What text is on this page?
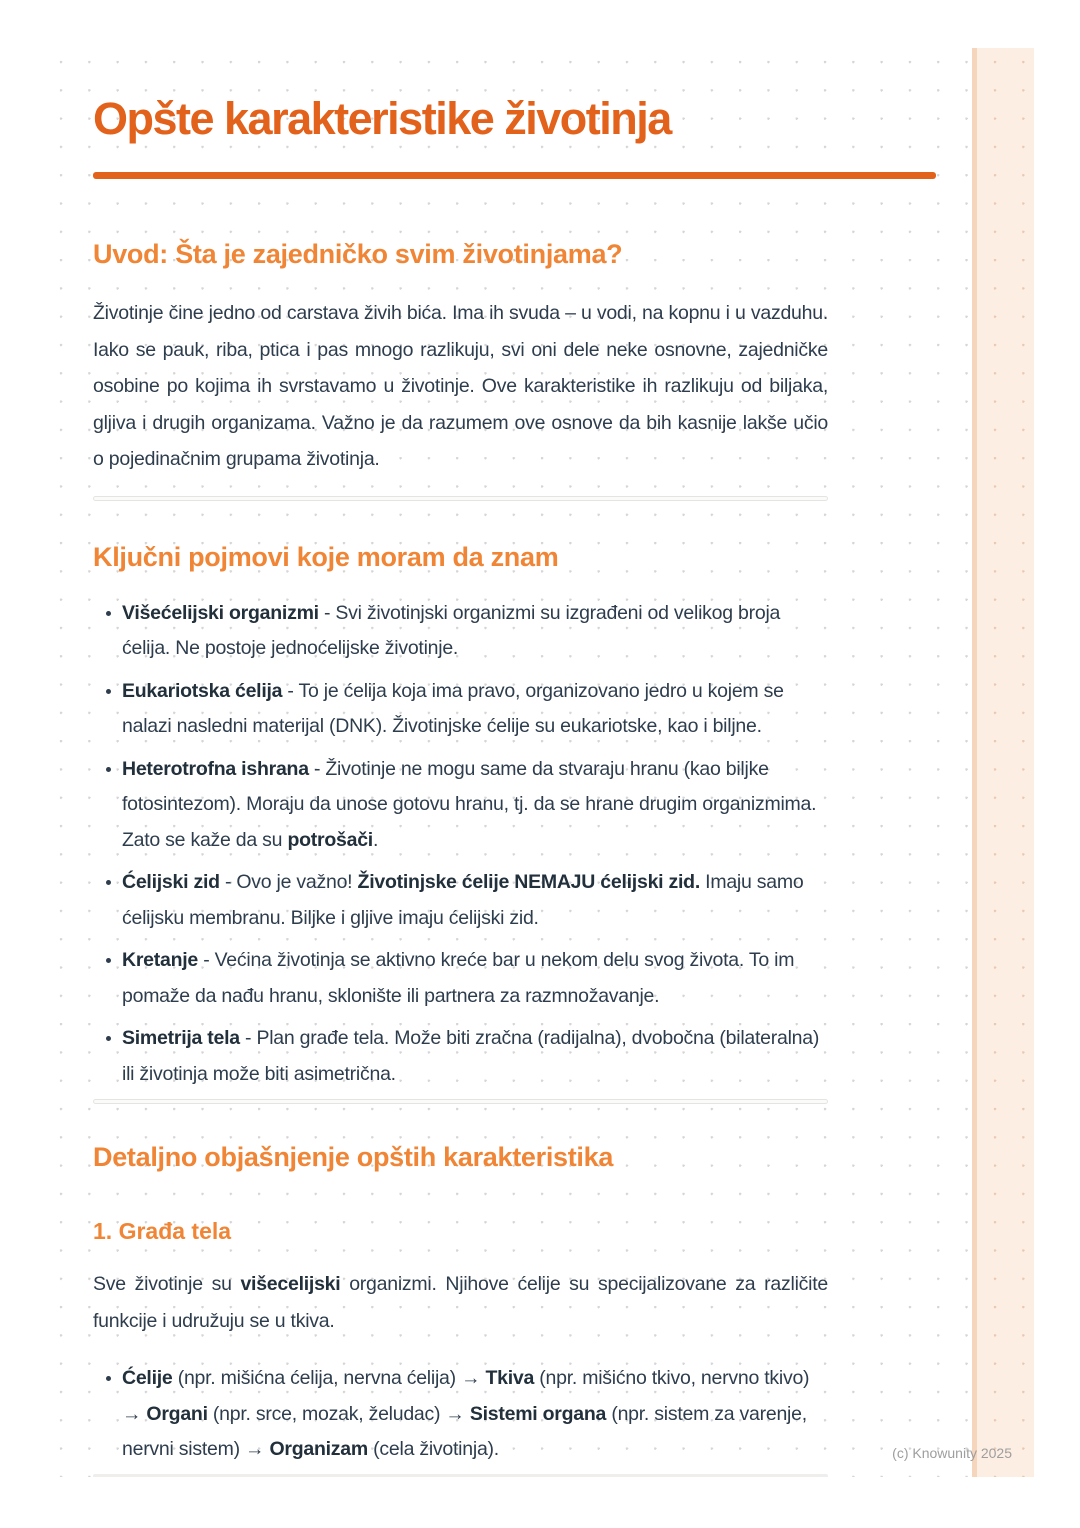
Opšte karakteristike životinja
Uvod: Šta je zajedničko svim životinjama?

Životinje čine jedno od carstava živih bića. Ima ih svuda – u vodi, na kopnu i u vazduhu. Iako se pauk, riba, ptica i pas mnogo razlikuju, svi oni dele neke osnovne, zajedničke osobine po kojima ih svrstavamo u životinje. Ove karakteristike ih razlikuju od biljaka, gljiva i drugih organizama. Važno je da razumem ove osnove da bih kasnije lakše učio o pojedinačnim grupama životinja.

Ključni pojmovi koje moram da znam
Višećelijski organizmi - Svi životinjski organizmi su izgrađeni od velikog broja ćelija. Ne postoje jednoćelijske životinje.
Eukariotska ćelija - To je ćelija koja ima pravo, organizovano jedro u kojem se nalazi nasledni materijal (DNK). Životinjske ćelije su eukariotske, kao i biljne.
Heterotrofna ishrana - Životinje ne mogu same da stvaraju hranu (kao biljke fotosintezom). Moraju da unose gotovu hranu, tj. da se hrane drugim organizmima. Zato se kaže da su potrošači.
Ćelijski zid - Ovo je važno! Životinjske ćelije NEMAJU ćelijski zid. Imaju samo ćelijsku membranu. Biljke i gljive imaju ćelijski zid.
Kretanje - Većina životinja se aktivno kreće bar u nekom delu svog života. To im pomaže da nađu hranu, sklonište ili partnera za razmnožavanje.
Simetrija tela - Plan građe tela. Može biti zračna (radijalna), dvobočna (bilateralna) ili životinja može biti asimetrična.
Detaljno objašnjenje opštih karakteristika
1. Građa tela

Sve životinje su višecelijski organizmi. Njihove ćelije su specijalizovane za različite funkcije i udružuju se u tkiva.

Ćelije (npr. mišićna ćelija, nervna ćelija) → Tkiva (npr. mišićno tkivo, nervno tkivo) → Organi (npr. srce, mozak, želudac) → Sistemi organa (npr. sistem za varenje, nervni sistem) → Organizam (cela životinja).	(c) Knowunity 2025
